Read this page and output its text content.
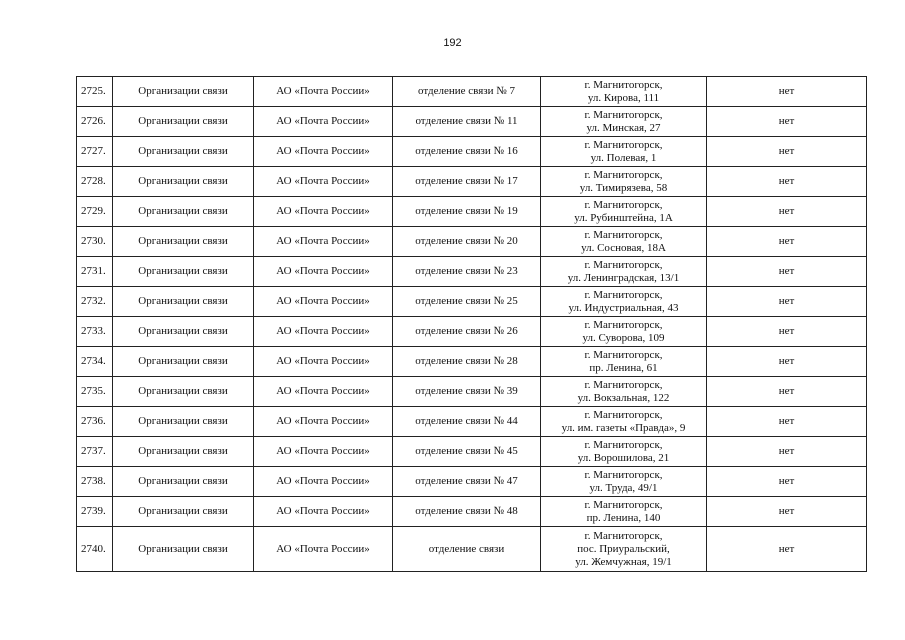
192
2725.	Организации связи	АО «Почта России»	отделение связи № 7	г. Магнитогорск,
ул. Кирова, 111	нет
2726.	Организации связи	АО «Почта России»	отделение связи № 11	г. Магнитогорск,
ул. Минская, 27	нет
2727.	Организации связи	АО «Почта России»	отделение связи № 16	г. Магнитогорск,
ул. Полевая, 1	нет
2728.	Организации связи	АО «Почта России»	отделение связи № 17	г. Магнитогорск,
ул. Тимирязева, 58	нет
2729.	Организации связи	АО «Почта России»	отделение связи № 19	г. Магнитогорск,
ул. Рубинштейна, 1А	нет
2730.	Организации связи	АО «Почта России»	отделение связи № 20	г. Магнитогорск,
ул. Сосновая, 18А	нет
2731.	Организации связи	АО «Почта России»	отделение связи № 23	г. Магнитогорск,
ул. Ленинградская, 13/1	нет
2732.	Организации связи	АО «Почта России»	отделение связи № 25	г. Магнитогорск,
ул. Индустриальная, 43	нет
2733.	Организации связи	АО «Почта России»	отделение связи № 26	г. Магнитогорск,
ул. Суворова, 109	нет
2734.	Организации связи	АО «Почта России»	отделение связи № 28	г. Магнитогорск,
пр. Ленина, 61	нет
2735.	Организации связи	АО «Почта России»	отделение связи № 39	г. Магнитогорск,
ул. Вокзальная, 122	нет
2736.	Организации связи	АО «Почта России»	отделение связи № 44	г. Магнитогорск,
ул. им. газеты «Правда», 9	нет
2737.	Организации связи	АО «Почта России»	отделение связи № 45	г. Магнитогорск,
ул. Ворошилова, 21	нет
2738.	Организации связи	АО «Почта России»	отделение связи № 47	г. Магнитогорск,
ул. Труда, 49/1	нет
2739.	Организации связи	АО «Почта России»	отделение связи № 48	г. Магнитогорск,
пр. Ленина, 140	нет
2740.	Организации связи	АО «Почта России»	отделение связи	г. Магнитогорск,
пос. Приуральский,
ул. Жемчужная, 19/1	нет
